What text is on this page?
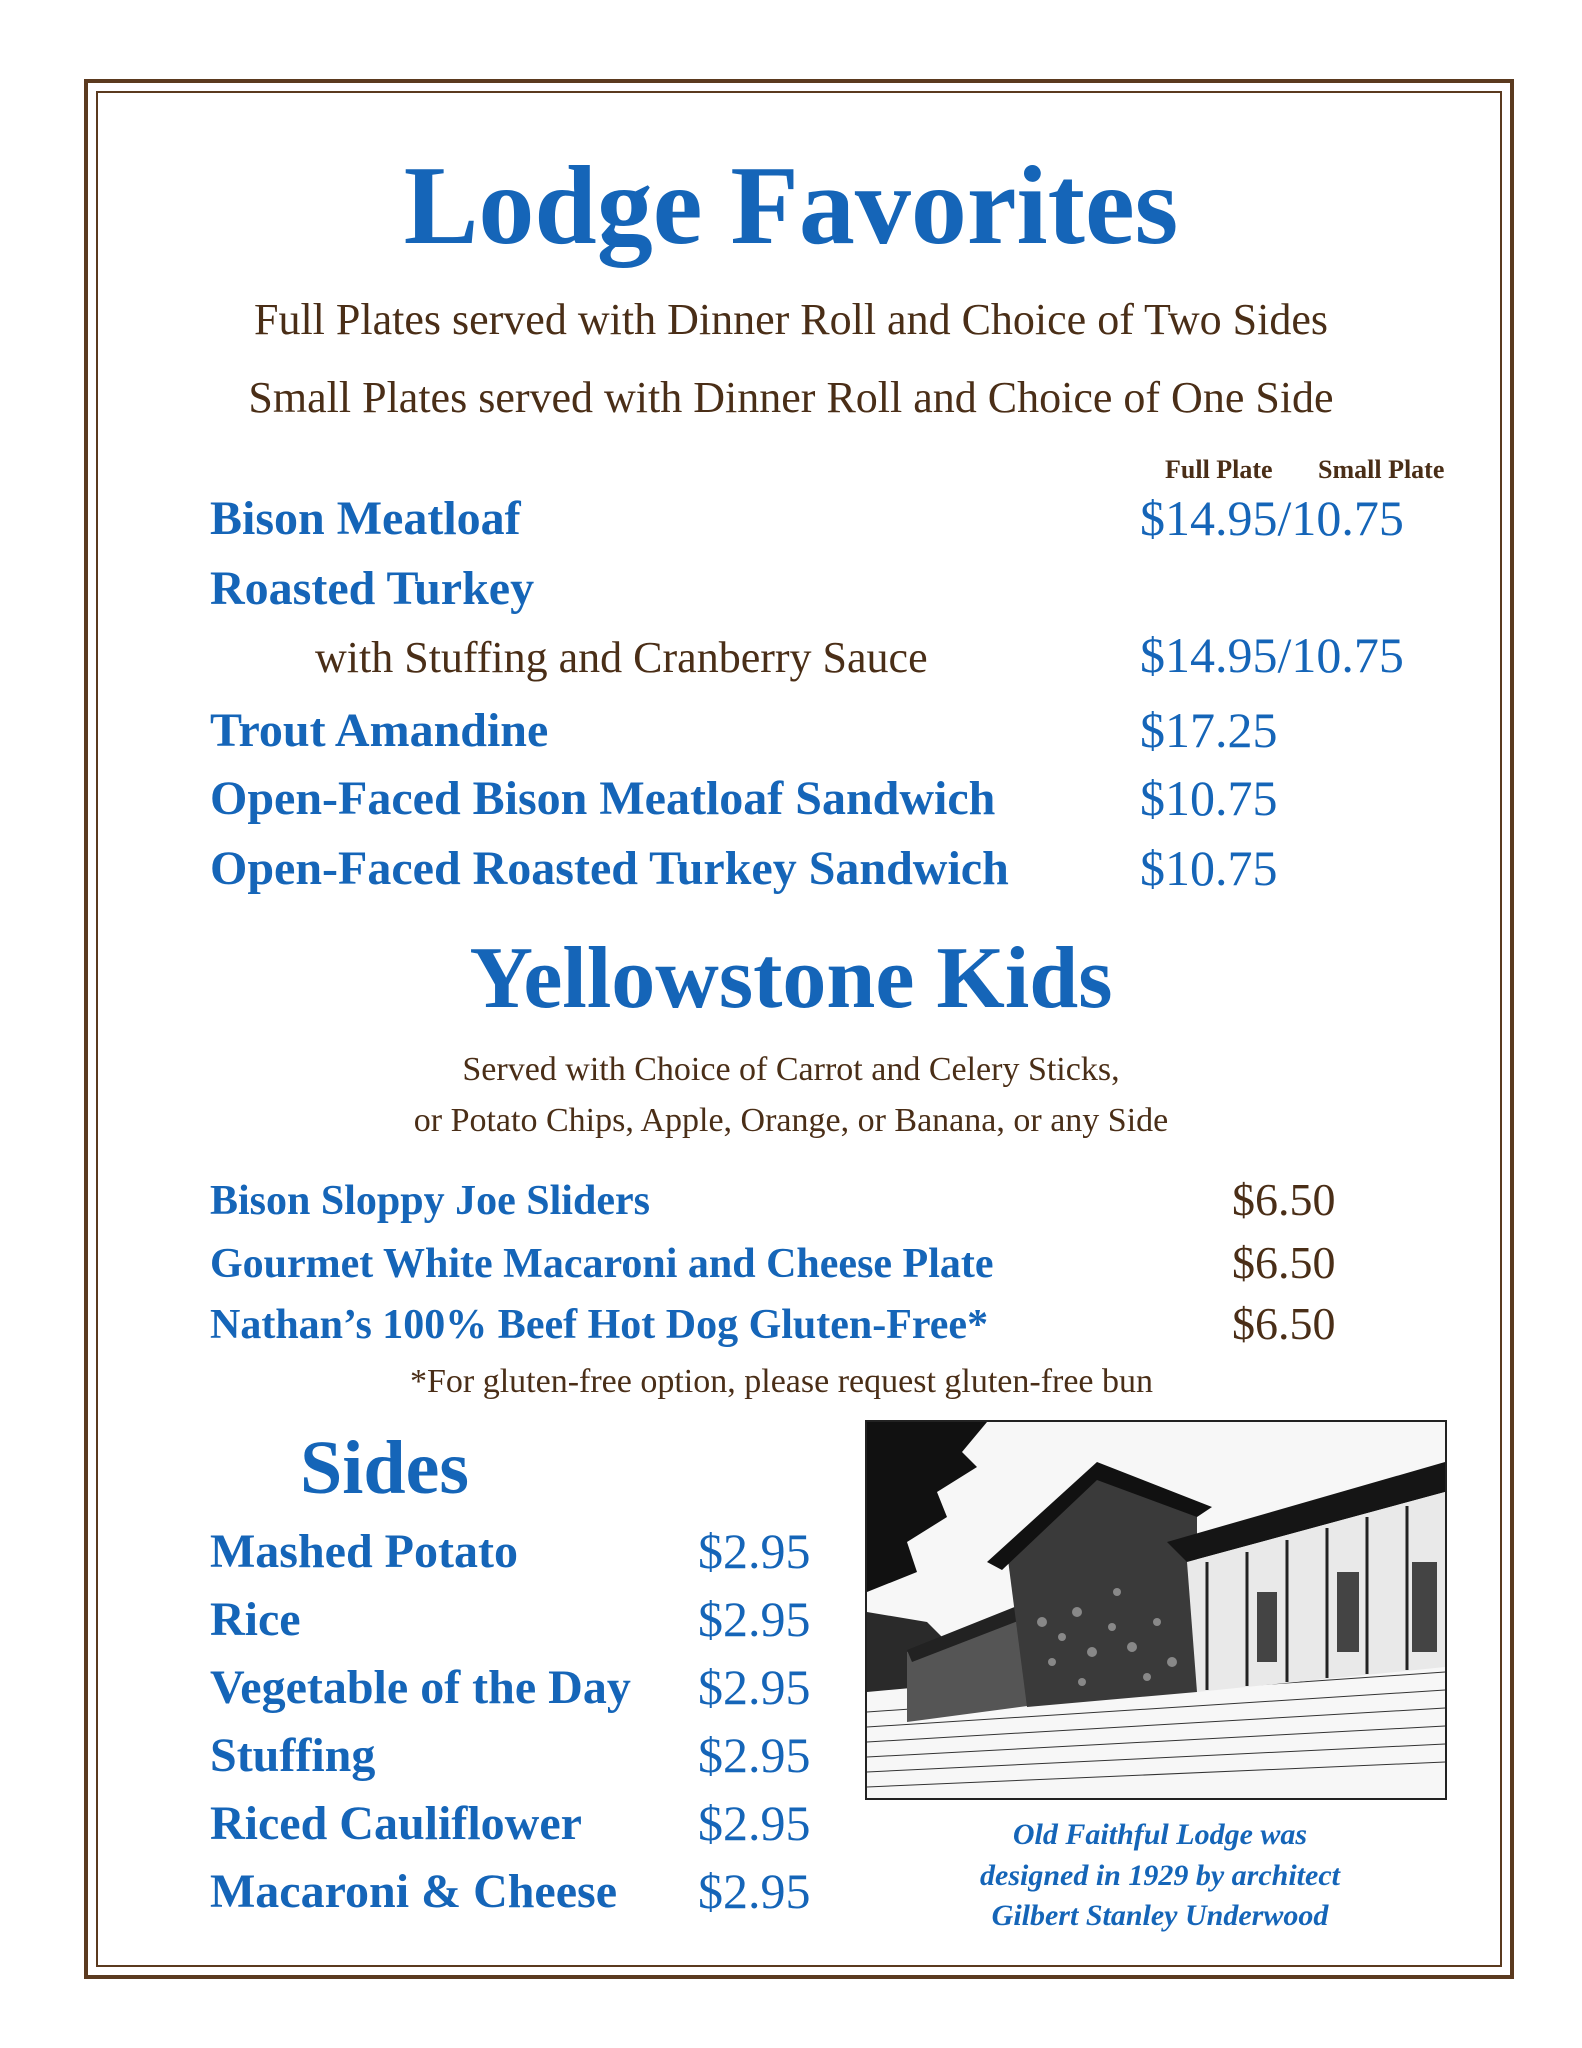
Lodge Favorites
Full Plates served with Dinner Roll and Choice of Two Sides
Small Plates served with Dinner Roll and Choice of One Side
Full Plate Small Plate
Bison Meatloaf	$14.95/10.75
Roasted Turkey
with Stuffing and Cranberry Sauce	$14.95/10.75
Trout Amandine	$17.25
Open-Faced Bison Meatloaf Sandwich	$10.75
Open-Faced Roasted Turkey Sandwich	$10.75
Yellowstone Kids
Served with Choice of Carrot and Celery Sticks,
or Potato Chips, Apple, Orange, or Banana, or any Side
Bison Sloppy Joe Sliders	$6.50
Gourmet White Macaroni and Cheese Plate	$6.50
Nathan’s 100% Beef Hot Dog Gluten-Free*	$6.50
*For gluten-free option, please request gluten-free bun
Sides
Mashed Potato	$2.95
Rice	$2.95
Vegetable of the Day $2.95
Stuffing	$2.95
Riced Cauliflower $2.95
Macaroni & Cheese $2.95
Old Faithful Lodge was
designed in 1929 by architect
Gilbert Stanley Underwood
